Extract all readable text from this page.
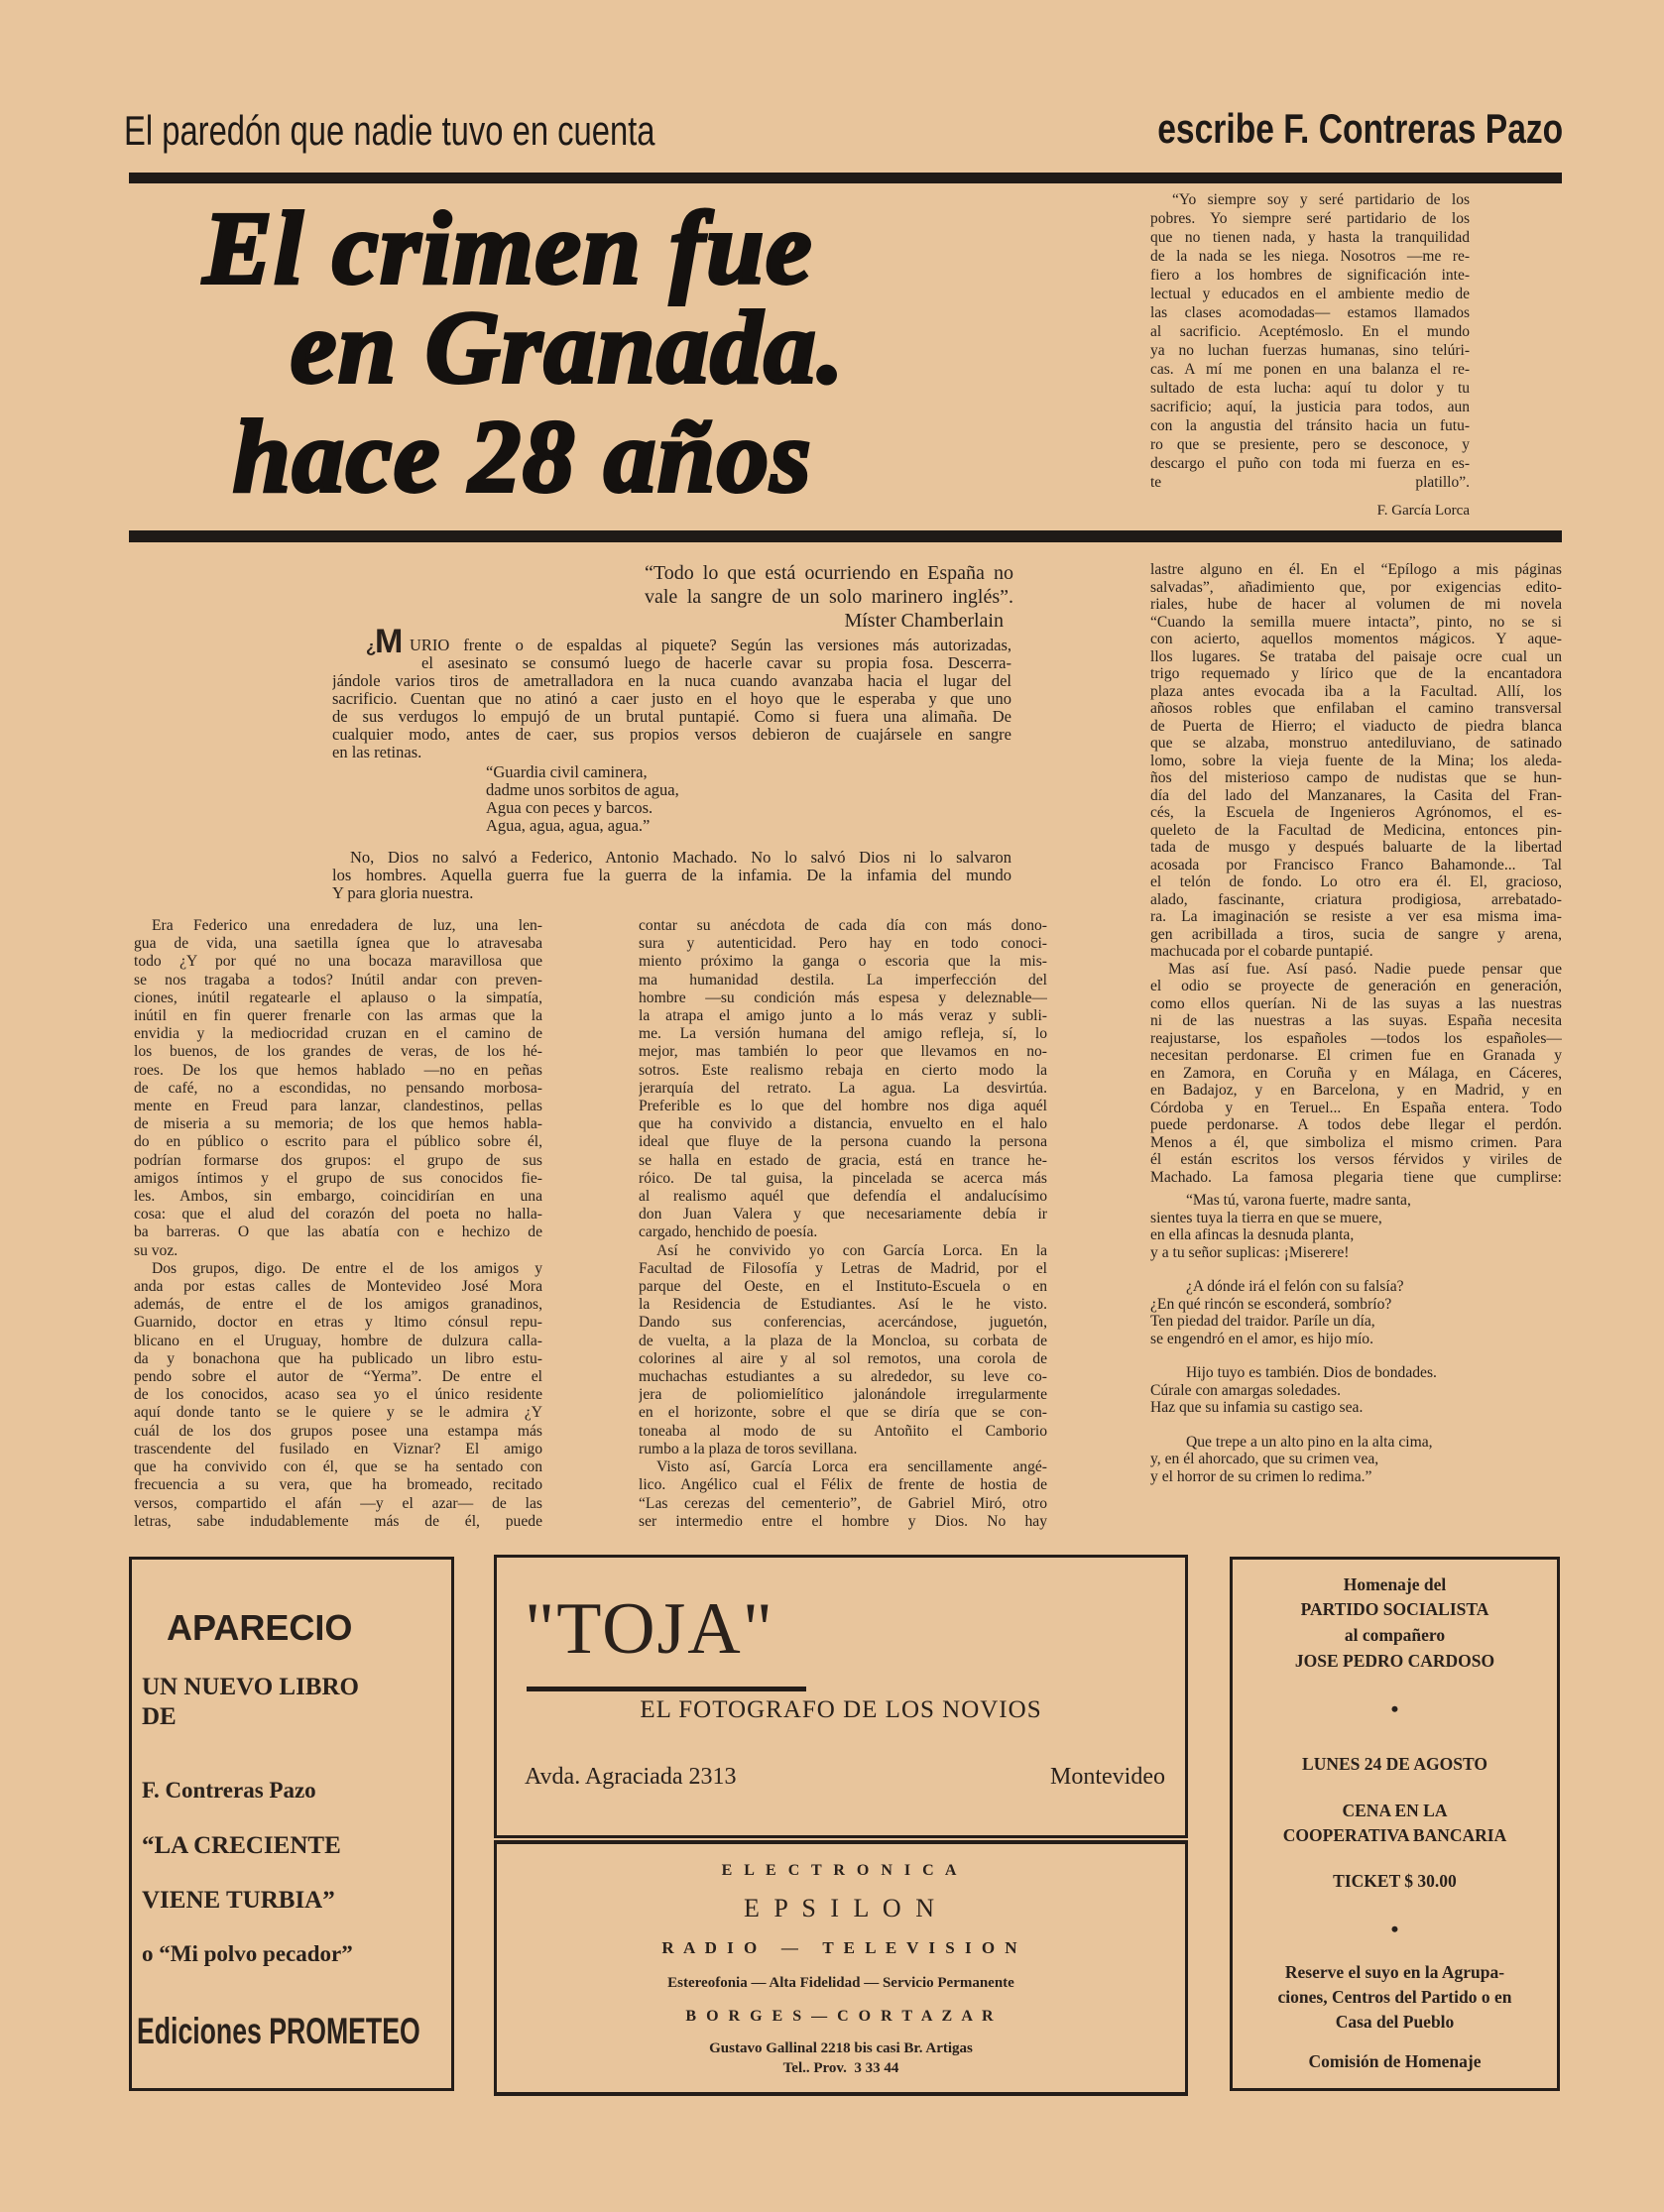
El paredón que nadie tuvo en cuenta	escribe F. Contreras Pazo
El crimen fue
en Granada.
hace 28 años
“Yo siempre soy y seré partidario de los
pobres. Yo siempre seré partidario de los
que no tienen nada, y hasta la tranquilidad
de la nada se les niega. Nosotros —me re-
fiero a los hombres de significación inte-
lectual y educados en el ambiente medio de
las clases acomodadas— estamos llamados
al sacrificio. Aceptémoslo. En el mundo
ya no luchan fuerzas humanas, sino telúri-
cas. A mí me ponen en una balanza el re-
sultado de esta lucha: aquí tu dolor y tu
sacrificio; aquí, la justicia para todos, aun
con la angustia del tránsito hacia un futu-
ro que se presiente, pero se desconoce, y
descargo el puño con toda mi fuerza en es-
te platillo”.
F. García Lorca
“Todo lo que está ocurriendo en España no
vale la sangre de un solo marinero inglés”.
Míster Chamberlain
¿
M URIO frente o de espaldas al piquete? Según las versiones más autorizadas,
el asesinato se consumó luego de hacerle cavar su propia fosa. Descerra-
jándole varios tiros de ametralladora en la nuca cuando avanzaba hacia el lugar del
sacrificio. Cuentan que no atinó a caer justo en el hoyo que le esperaba y que uno
de sus verdugos lo empujó de un brutal puntapié. Como si fuera una alimaña. De
cualquier modo, antes de caer, sus propios versos debieron de cuajársele en sangre
en las retinas.
“Guardia civil caminera,
dadme unos sorbitos de agua,
Agua con peces y barcos.
Agua, agua, agua, agua.”
No, Dios no salvó a Federico, Antonio Machado. No lo salvó Dios ni lo salvaron
los hombres. Aquella guerra fue la guerra de la infamia. De la infamia del mundo
Y para gloria nuestra.
Era Federico una enredadera de luz, una len-
gua de vida, una saetilla ígnea que lo atravesaba
todo ¿Y por qué no una bocaza maravillosa que
se nos tragaba a todos? Inútil andar con preven-
ciones, inútil regatearle el aplauso o la simpatía,
inútil en fin querer frenarle con las armas que la
envidia y la mediocridad cruzan en el camino de
los buenos, de los grandes de veras, de los hé-
roes. De los que hemos hablado —no en peñas
de café, no a escondidas, no pensando morbosa-
mente en Freud para lanzar, clandestinos, pellas
de miseria a su memoria; de los que hemos habla-
do en público o escrito para el público sobre él,
podrían formarse dos grupos: el grupo de sus
amigos íntimos y el grupo de sus conocidos fie-
les. Ambos, sin embargo, coincidirían en una
cosa: que el alud del corazón del poeta no halla-
ba barreras. O que las abatía con e hechizo de
su voz.
Dos grupos, digo. De entre el de los amigos y
anda por estas calles de Montevideo José Mora
además, de entre el de los amigos granadinos,
Guarnido, doctor en etras y ltimo cónsul repu-
blicano en el Uruguay, hombre de dulzura calla-
da y bonachona que ha publicado un libro estu-
pendo sobre el autor de “Yerma”. De entre el
de los conocidos, acaso sea yo el único residente
aquí donde tanto se le quiere y se le admira ¿Y
cuál de los dos grupos posee una estampa más
trascendente del fusilado en Viznar? El amigo
que ha convivido con él, que se ha sentado con
frecuencia a su vera, que ha bromeado, recitado
versos, compartido el afán —y el azar— de las
letras, sabe indudablemente más de él, puede
contar su anécdota de cada día con más dono-
sura y autenticidad. Pero hay en todo conoci-
miento próximo la ganga o escoria que la mis-
ma humanidad destila. La imperfección del
hombre —su condición más espesa y deleznable—
la atrapa el amigo junto a lo más veraz y subli-
me. La versión humana del amigo refleja, sí, lo
mejor, mas también lo peor que llevamos en no-
sotros. Este realismo rebaja en cierto modo la
jerarquía del retrato. La agua. La desvirtúa.
Preferible es lo que del hombre nos diga aquél
que ha convivido a distancia, envuelto en el halo
ideal que fluye de la persona cuando la persona
se halla en estado de gracia, está en trance he-
róico. De tal guisa, la pincelada se acerca más
al realismo aquél que defendía el andalucísimo
don Juan Valera y que necesariamente debía ir
cargado, henchido de poesía.
Así he convivido yo con García Lorca. En la
Facultad de Filosofía y Letras de Madrid, por el
parque del Oeste, en el Instituto-Escuela o en
la Residencia de Estudiantes. Así le he visto.
Dando sus conferencias, acercándose, juguetón,
de vuelta, a la plaza de la Moncloa, su corbata de
colorines al aire y al sol remotos, una corola de
muchachas estudiantes a su alrededor, su leve co-
jera de poliomielítico jalonándole irregularmente
en el horizonte, sobre el que se diría que se con-
toneaba al modo de su Antoñito el Camborio
rumbo a la plaza de toros sevillana.
Visto así, García Lorca era sencillamente angé-
lico. Angélico cual el Félix de frente de hostia de
“Las cerezas del cementerio”, de Gabriel Miró, otro
ser intermedio entre el hombre y Dios. No hay
lastre alguno en él. En el “Epílogo a mis páginas
salvadas”, añadimiento que, por exigencias edito-
riales, hube de hacer al volumen de mi novela
“Cuando la semilla muere intacta”, pinto, no se si
con acierto, aquellos momentos mágicos. Y aque-
llos lugares. Se trataba del paisaje ocre cual un
trigo requemado y lírico que de la encantadora
plaza antes evocada iba a la Facultad. Allí, los
añosos robles que enfilaban el camino transversal
de Puerta de Hierro; el viaducto de piedra blanca
que se alzaba, monstruo antediluviano, de satinado
lomo, sobre la vieja fuente de la Mina; los aleda-
ños del misterioso campo de nudistas que se hun-
día del lado del Manzanares, la Casita del Fran-
cés, la Escuela de Ingenieros Agrónomos, el es-
queleto de la Facultad de Medicina, entonces pin-
tada de musgo y después baluarte de la libertad
acosada por Francisco Franco Bahamonde... Tal
el telón de fondo. Lo otro era él. El, gracioso,
alado, fascinante, criatura prodigiosa, arrebatado-
ra. La imaginación se resiste a ver esa misma ima-
gen acribillada a tiros, sucia de sangre y arena,
machucada por el cobarde puntapié.
Mas así fue. Así pasó. Nadie puede pensar que
el odio se proyecte de generación en generación,
como ellos querían. Ni de las suyas a las nuestras
ni de las nuestras a las suyas. España necesita
reajustarse, los españoles —todos los españoles—
necesitan perdonarse. El crimen fue en Granada y
en Zamora, en Coruña y en Málaga, en Cáceres,
en Badajoz, y en Barcelona, y en Madrid, y en
Córdoba y en Teruel... En España entera. Todo
puede perdonarse. A todos debe llegar el perdón.
Menos a él, que simboliza el mismo crimen. Para
él están escritos los versos férvidos y viriles de
Machado. La famosa plegaria tiene que cumplirse:
“Mas tú, varona fuerte, madre santa,
sientes tuya la tierra en que se muere,
en ella afincas la desnuda planta,
y a tu señor suplicas: ¡Miserere!
¿A dónde irá el felón con su falsía?
¿En qué rincón se esconderá, sombrío?
Ten piedad del traidor. Paríle un día,
se engendró en el amor, es hijo mío.
Hijo tuyo es también. Dios de bondades.
Cúrale con amargas soledades.
Haz que su infamia su castigo sea.
Que trepe a un alto pino en la alta cima,
y, en él ahorcado, que su crimen vea,
y el horror de su crimen lo redima.”
APARECIO
UN NUEVO LIBRO
DE
F. Contreras Pazo
“LA CRECIENTE
VIENE TURBIA”
o “Mi polvo pecador”
Ediciones PROMETEO
"TOJA"
EL FOTOGRAFO DE LOS NOVIOS
Avda. Agraciada 2313	Montevideo
E L E C T R O N I C A
E P S I L O N
R A D I O   —   T E L E V I S I O N
Estereofonia — Alta Fidelidad — Servicio Permanente
B O R G E S — C O R T A Z A R
Gustavo Gallinal 2218 bis casi Br. Artigas
Tel.. Prov.  3 33 44
Homenaje del
PARTIDO SOCIALISTA
al compañero
JOSE PEDRO CARDOSO
•
LUNES 24 DE AGOSTO
CENA EN LA
COOPERATIVA BANCARIA
TICKET $ 30.00
•
Reserve el suyo en la Agrupa-
ciones, Centros del Partido o en
Casa del Pueblo
Comisión de Homenaje
